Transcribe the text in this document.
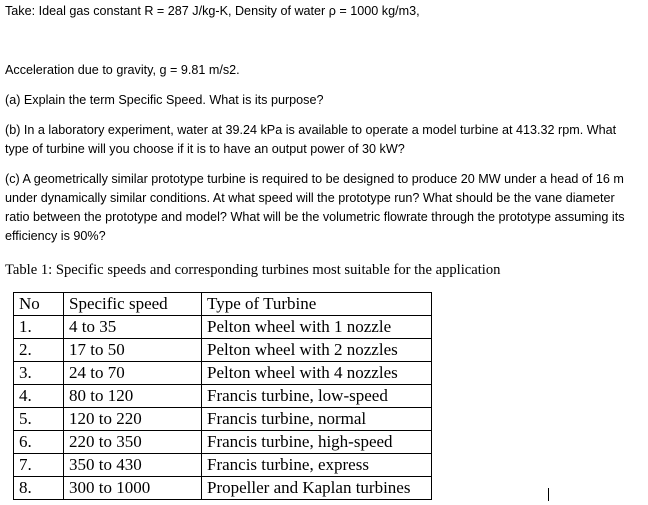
Take: Ideal gas constant R = 287 J/kg-K, Density of water ρ = 1000 kg/m3,

Acceleration due to gravity, g = 9.81 m/s2.

(a) Explain the term Specific Speed. What is its purpose?

(b) In a laboratory experiment, water at 39.24 kPa is available to operate a model turbine at 413.32 rpm. What type of turbine will you choose if it is to have an output power of 30 kW?

(c) A geometrically similar prototype turbine is required to be designed to produce 20 MW under a head of 16 m under dynamically similar conditions. At what speed will the prototype run? What should be the vane diameter ratio between the prototype and model? What will be the volumetric flowrate through the prototype assuming its efficiency is 90%?

Table 1: Specific speeds and corresponding turbines most suitable for the application

No	Specific speed	Type of Turbine
1.	4 to 35	Pelton wheel with 1 nozzle
2.	17 to 50	Pelton wheel with 2 nozzles
3.	24 to 70	Pelton wheel with 4 nozzles
4.	80 to 120	Francis turbine, low-speed
5.	120 to 220	Francis turbine, normal
6.	220 to 350	Francis turbine, high-speed
7.	350 to 430	Francis turbine, express
8.	300 to 1000	Propeller and Kaplan turbines
